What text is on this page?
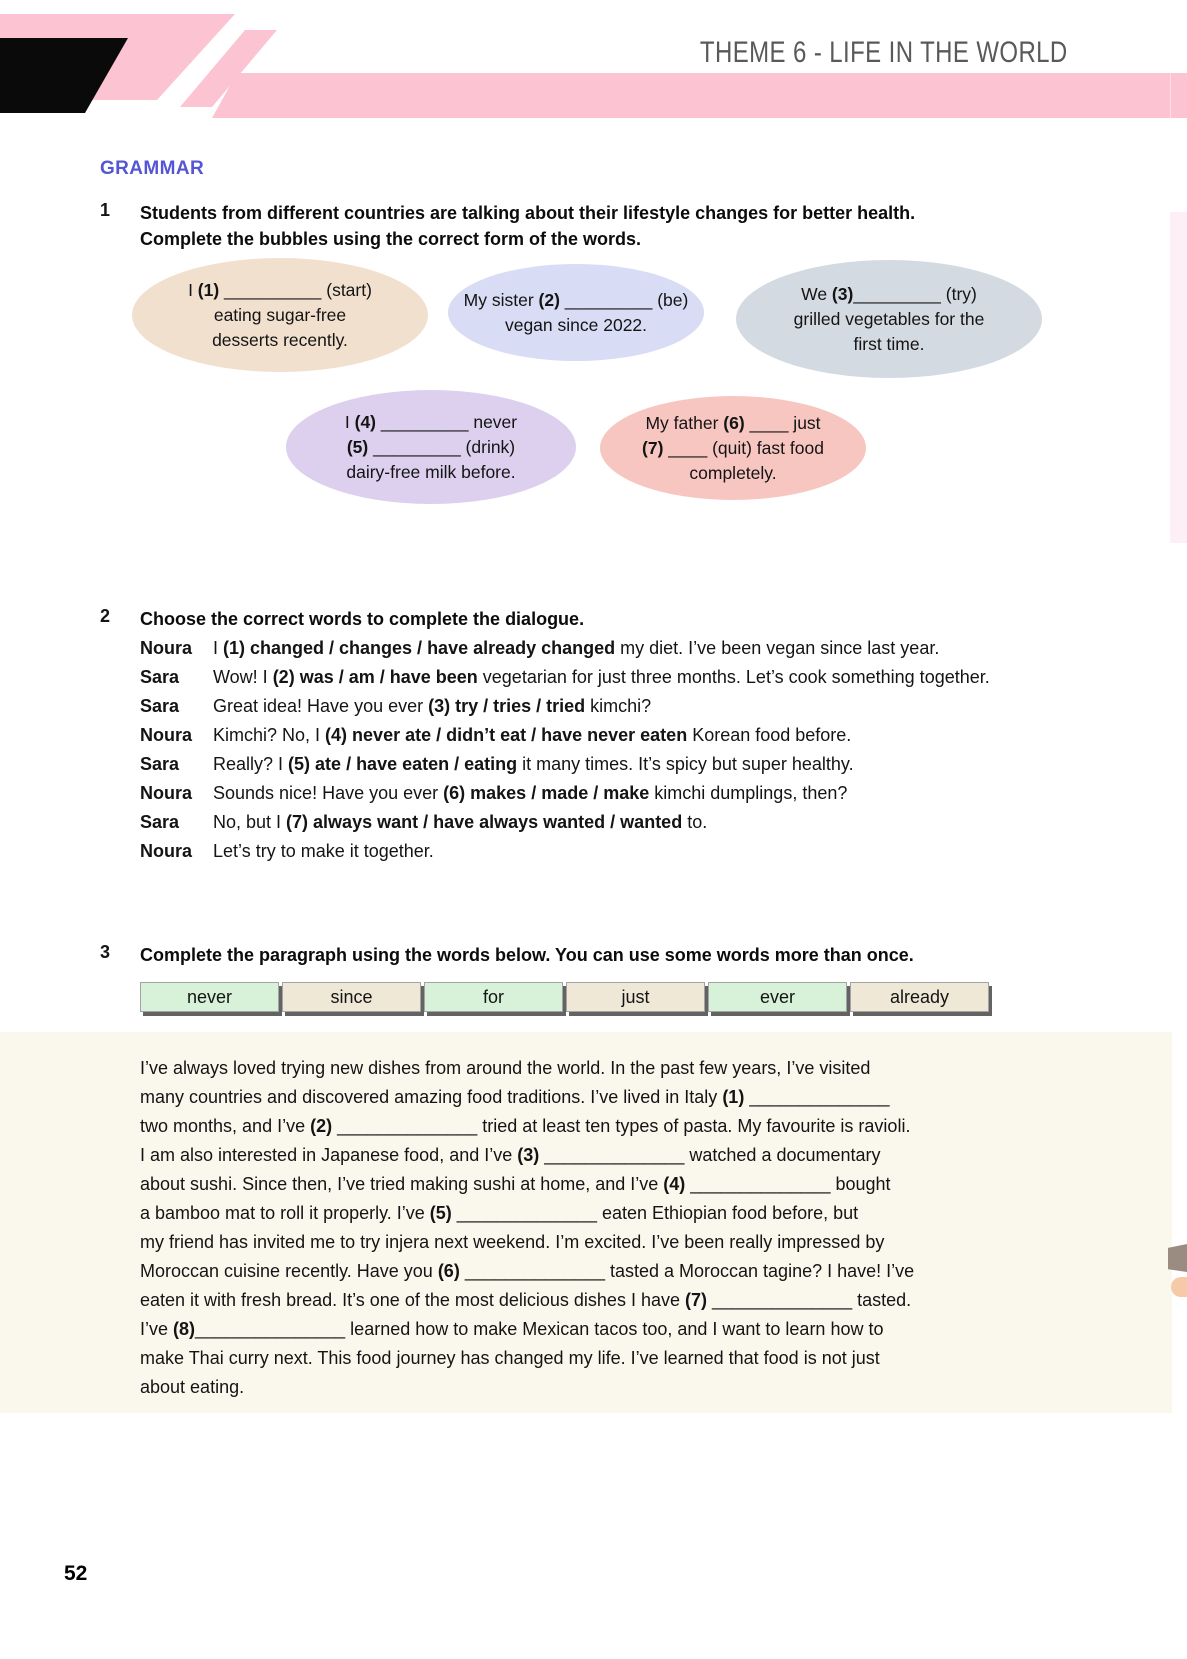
THEME 6 - LIFE IN THE WORLD
GRAMMAR
1 Students from different countries are talking about their lifestyle changes for better health. Complete the bubbles using the correct form of the words.
I (1) __________ (start)
eating sugar-free
desserts recently.
My sister (2) _________ (be)
vegan since 2022.
We (3)_________ (try)
grilled vegetables for the
first time.
I (4) _________ never
(5) _________ (drink)
dairy-free milk before.
My father (6) ____ just
(7) ____ (quit) fast food
completely.
2 Choose the correct words to complete the dialogue.
Noura	I (1) changed / changes / have already changed my diet. I’ve been vegan since last year.
Sara	Wow! I (2) was / am / have been vegetarian for just three months. Let’s cook something together.
Sara	Great idea! Have you ever (3) try / tries / tried kimchi?
Noura	Kimchi? No, I (4) never ate / didn’t eat / have never eaten Korean food before.
Sara	Really? I (5) ate / have eaten / eating it many times. It’s spicy but super healthy.
Noura	Sounds nice! Have you ever (6) makes / made / make kimchi dumplings, then?
Sara	No, but I (7) always want / have always wanted / wanted to.
Noura	Let’s try to make it together.
3 Complete the paragraph using the words below. You can use some words more than once.
never	since	for	just	ever	already
I’ve always loved trying new dishes from around the world. In the past few years, I’ve visited
many countries and discovered amazing food traditions. I’ve lived in Italy (1) ______________
two months, and I’ve (2) ______________ tried at least ten types of pasta. My favourite is ravioli.
I am also interested in Japanese food, and I’ve (3) ______________ watched a documentary
about sushi. Since then, I’ve tried making sushi at home, and I’ve (4) ______________ bought
a bamboo mat to roll it properly. I’ve (5) ______________ eaten Ethiopian food before, but
my friend has invited me to try injera next weekend. I’m excited. I’ve been really impressed by
Moroccan cuisine recently. Have you (6) ______________ tasted a Moroccan tagine? I have! I’ve
eaten it with fresh bread. It’s one of the most delicious dishes I have (7) ______________ tasted.
I’ve (8)_______________ learned how to make Mexican tacos too, and I want to learn how to
make Thai curry next. This food journey has changed my life. I’ve learned that food is not just
about eating.
52
